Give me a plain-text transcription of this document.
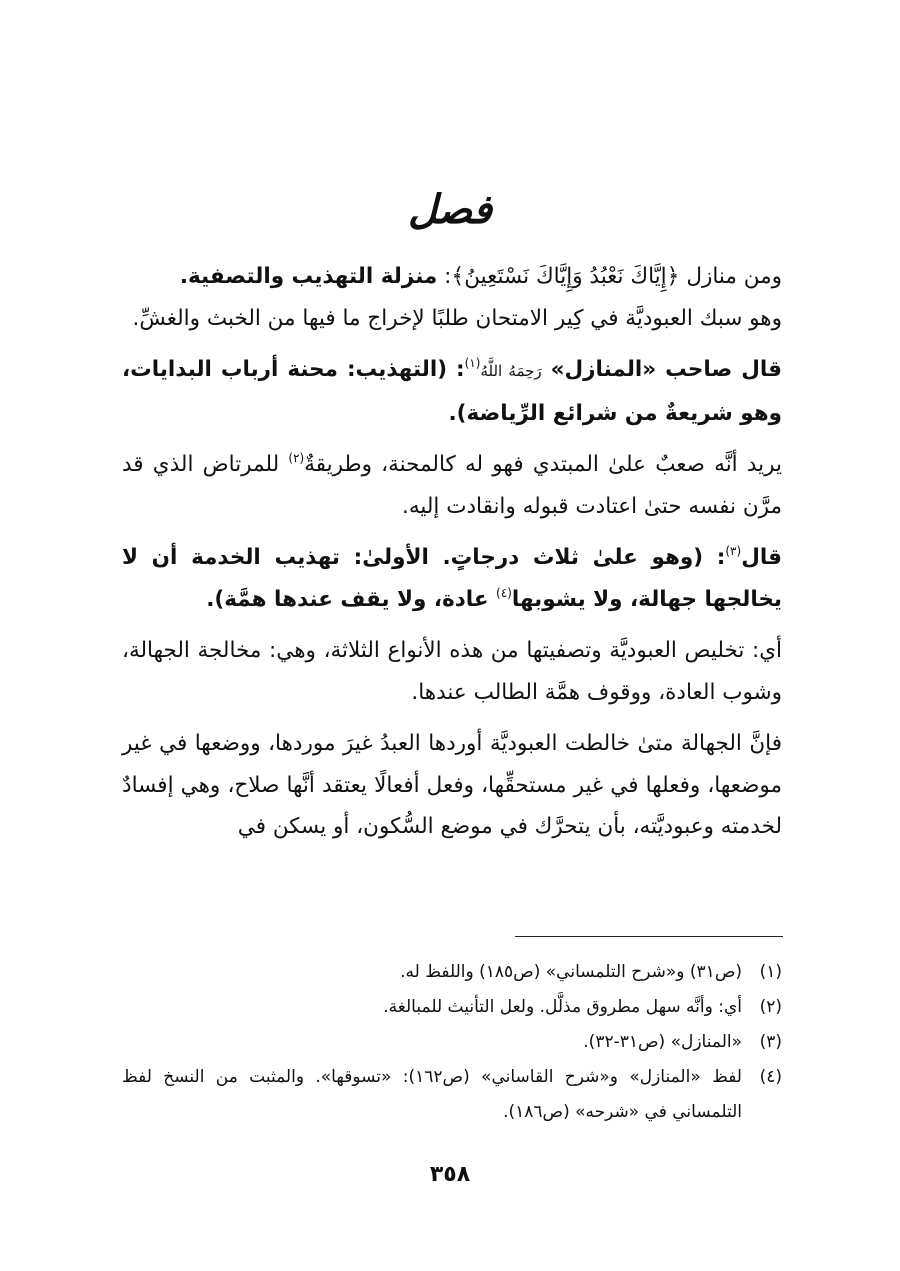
فصل

ومن منازل ﴿إِيَّاكَ نَعْبُدُ وَإِيَّاكَ نَسْتَعِينُ﴾: منزلة التهذيب والتصفية.
وهو سبك العبوديَّة في كِير الامتحان طلبًا لإخراج ما فيها من الخبث والغشِّ.

قال صاحب «المنازل» رَحِمَهُ اللَّهُ$^{(١)}$: (التهذيب: محنة أرباب البدايات، وهو شريعةٌ من شرائع الرِّياضة).

يريد أنَّه صعبٌ علىٰ المبتدي فهو له كالمحنة، وطريقةٌ$^{(٢)}$ للمرتاض الذي قد مرَّن نفسه حتىٰ اعتادت قبوله وانقادت إليه.

قال$^{(٣)}$: (وهو علىٰ ثلاث درجاتٍ. الأولىٰ: تهذيب الخدمة أن لا يخالجها جهالة، ولا يشوبها$^{(٤)}$ عادة، ولا يقف عندها همَّة).

أي: تخليص العبوديَّة وتصفيتها من هذه الأنواع الثلاثة، وهي: مخالجة الجهالة، وشوب العادة، ووقوف همَّة الطالب عندها.

فإنَّ الجهالة متىٰ خالطت العبوديَّة أوردها العبدُ غيرَ موردها، ووضعها في غير موضعها، وفعلها في غير مستحقِّها، وفعل أفعالًا يعتقد أنَّها صلاح، وهي إفسادٌ لخدمته وعبوديَّته، بأن يتحرَّك في موضع السُّكون، أو يسكن في

(١)
(ص٣١) و«شرح التلمساني» (ص١٨٥) واللفظ له.
(٢)
أي: وأنَّه سهل مطروق مذلَّل. ولعل التأنيث للمبالغة.
(٣)
«المنازل» (ص٣١-٣٢).
(٤)
لفظ «المنازل» و«شرح القاساني» (ص١٦٢): «تسوقها». والمثبت من النسخ لفظ التلمساني في «شرحه» (ص١٨٦).
٣٥٨
